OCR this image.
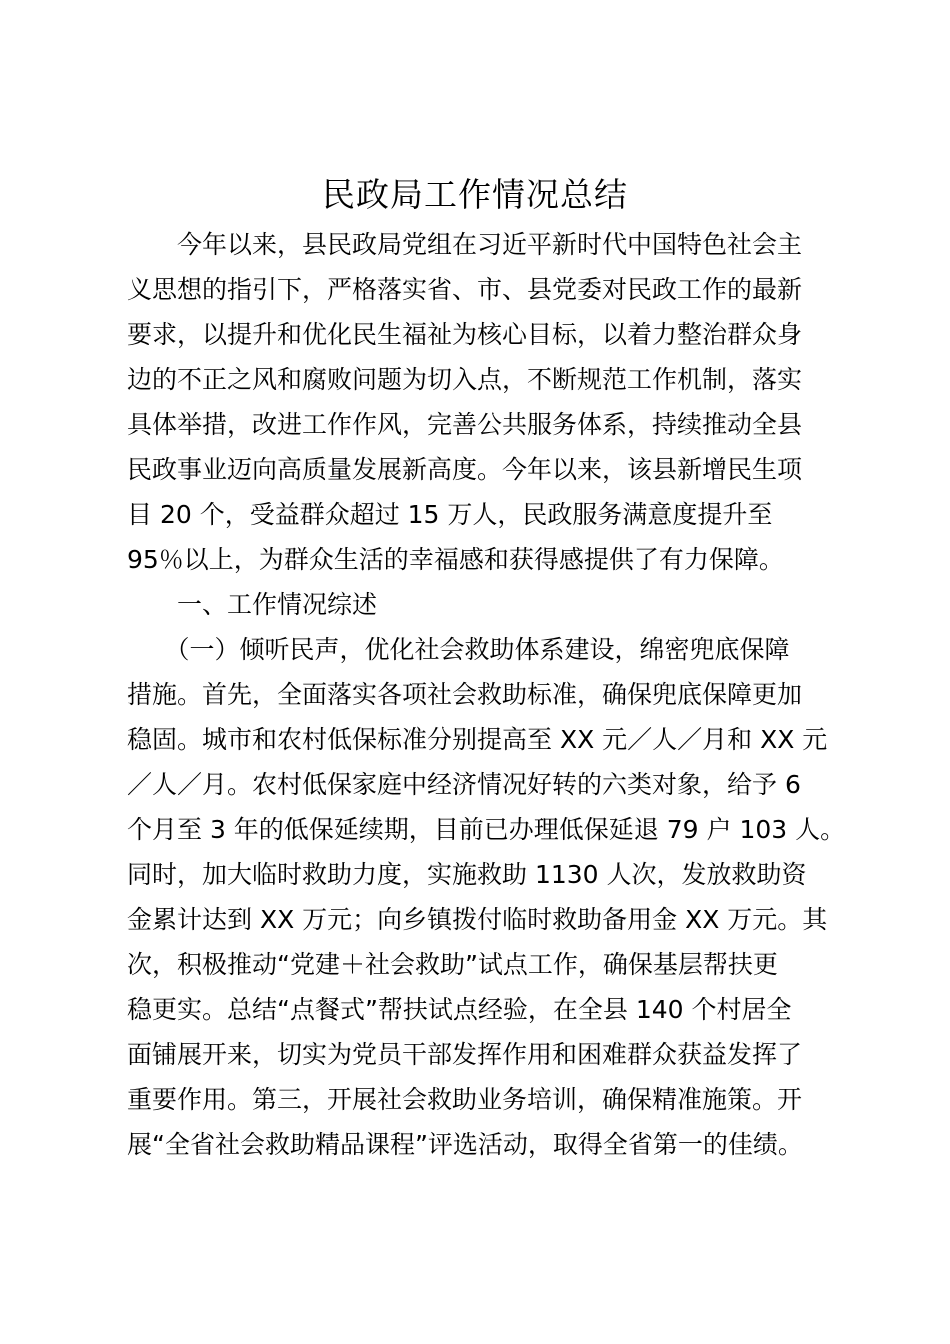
民政局工作情况总结

　　今年以来，县民政局党组在习近平新时代中国特色社会主

义思想的指引下，严格落实省、市、县党委对民政工作的最新

要求，以提升和优化民生福祉为核心目标，以着力整治群众身

边的不正之风和腐败问题为切入点，不断规范工作机制，落实

具体举措，改进工作作风，完善公共服务体系，持续推动全县

民政事业迈向高质量发展新高度。今年以来，该县新增民生项

目 20 个，受益群众超过 15 万人，民政服务满意度提升至

95％以上，为群众生活的幸福感和获得感提供了有力保障。

　　一、工作情况综述

　　（一）倾听民声，优化社会救助体系建设，绵密兜底保障

措施。首先，全面落实各项社会救助标准，确保兜底保障更加

稳固。城市和农村低保标准分别提高至 XX 元／人／月和 XX 元

／人／月。农村低保家庭中经济情况好转的六类对象，给予 6

个月至 3 年的低保延续期，目前已办理低保延退 79 户 103 人。

同时，加大临时救助力度，实施救助 1130 人次，发放救助资

金累计达到 XX 万元；向乡镇拨付临时救助备用金 XX 万元。其

次，积极推动“党建＋社会救助”试点工作，确保基层帮扶更

稳更实。总结“点餐式”帮扶试点经验，在全县 140 个村居全

面铺展开来，切实为党员干部发挥作用和困难群众获益发挥了

重要作用。第三，开展社会救助业务培训，确保精准施策。开

展“全省社会救助精品课程”评选活动，取得全省第一的佳绩。
